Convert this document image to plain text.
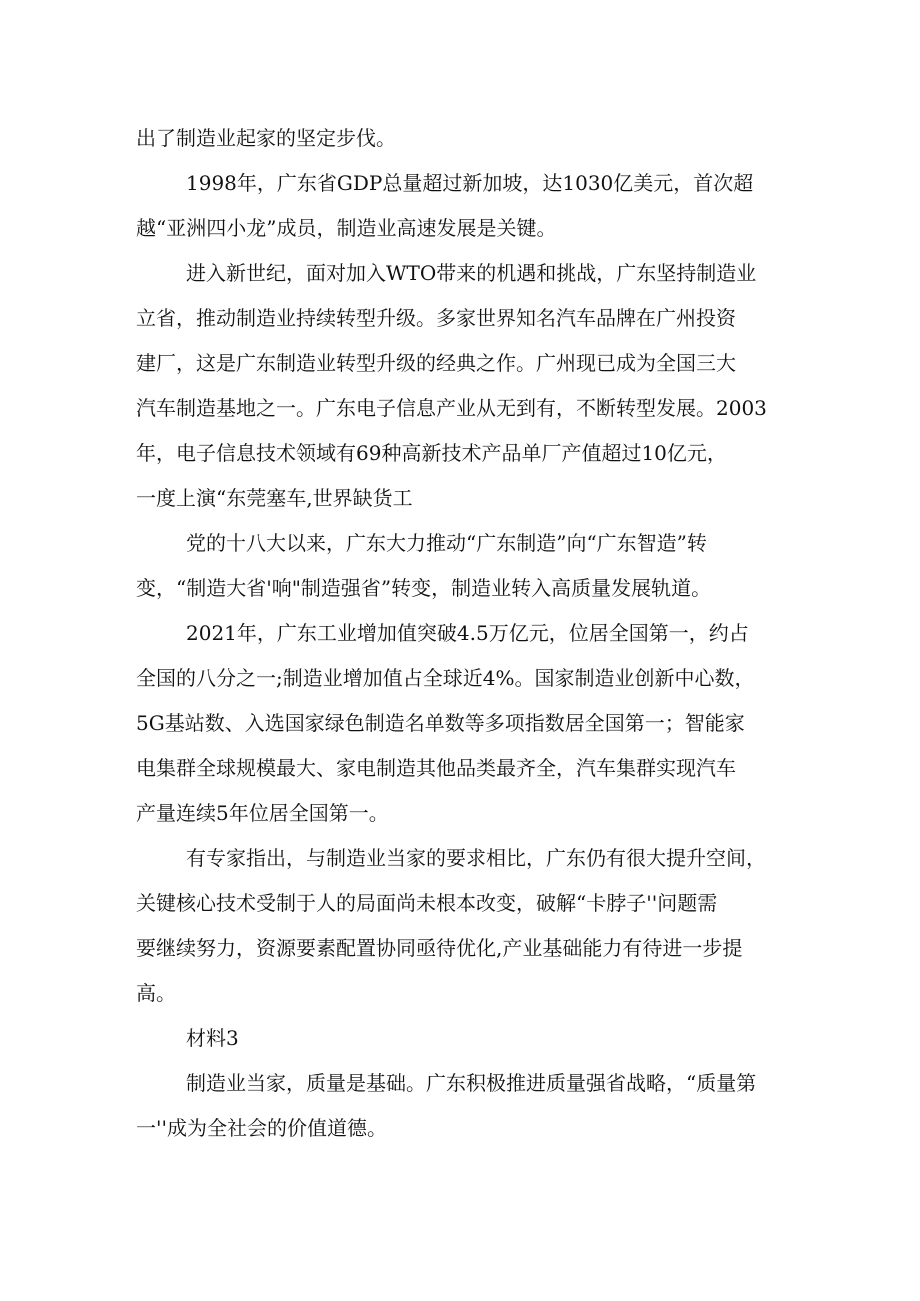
出了制造业起家的坚定步伐。
1998年，广东省GDP总量超过新加坡，达1030亿美元，首次超
越“亚洲四小龙”成员，制造业高速发展是关键。
进入新世纪，面对加入WTO带来的机遇和挑战，广东坚持制造业
立省，推动制造业持续转型升级。多家世界知名汽车品牌在广州投资
建厂，这是广东制造业转型升级的经典之作。广州现已成为全国三大
汽车制造基地之一。广东电子信息产业从无到有，不断转型发展。2003
年，电子信息技术领域有69种高新技术产品单厂产值超过10亿元，
一度上演“东莞塞车,世界缺货工
党的十八大以来，广东大力推动“广东制造”向“广东智造”转
变，“制造大省'响"制造强省”转变，制造业转入高质量发展轨道。
2021年，广东工业增加值突破4.5万亿元，位居全国第一，约占
全国的八分之一;制造业增加值占全球近4%。国家制造业创新中心数，
5G基站数、入选国家绿色制造名单数等多项指数居全国第一；智能家
电集群全球规模最大、家电制造其他品类最齐全，汽车集群实现汽车
产量连续5年位居全国第一。
有专家指出，与制造业当家的要求相比，广东仍有很大提升空间，
关键核心技术受制于人的局面尚未根本改变，破解“卡脖子''问题需
要继续努力，资源要素配置协同亟待优化,产业基础能力有待进一步提
高。
材料3
制造业当家，质量是基础。广东积极推进质量强省战略，“质量第
一''成为全社会的价值道德。
